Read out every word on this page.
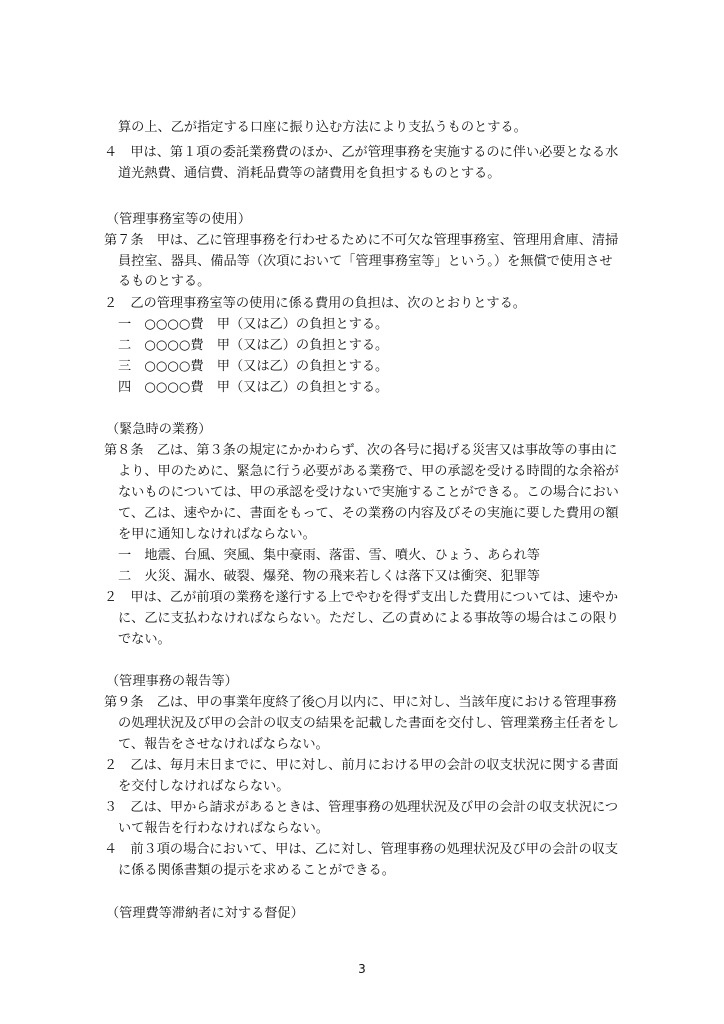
算の上、乙が指定する口座に振り込む方法により支払うものとする。
４　甲は、第１項の委託業務費のほか、乙が管理事務を実施するのに伴い必要となる水
道光熱費、通信費、消耗品費等の諸費用を負担するものとする。
（管理事務室等の使用）
第７条　甲は、乙に管理事務を行わせるために不可欠な管理事務室、管理用倉庫、清掃
員控室、器具、備品等（次項において「管理事務室等」という。）を無償で使用させ
るものとする。
２　乙の管理事務室等の使用に係る費用の負担は、次のとおりとする。
一　○○○○費　甲（又は乙）の負担とする。
二　○○○○費　甲（又は乙）の負担とする。
三　○○○○費　甲（又は乙）の負担とする。
四　○○○○費　甲（又は乙）の負担とする。
（緊急時の業務）
第８条　乙は、第３条の規定にかかわらず、次の各号に掲げる災害又は事故等の事由に
より、甲のために、緊急に行う必要がある業務で、甲の承認を受ける時間的な余裕が
ないものについては、甲の承認を受けないで実施することができる。この場合におい
て、乙は、速やかに、書面をもって、その業務の内容及びその実施に要した費用の額
を甲に通知しなければならない。
一　地震、台風、突風、集中豪雨、落雷、雪、噴火、ひょう、あられ等
二　火災、漏水、破裂、爆発、物の飛来若しくは落下又は衝突、犯罪等
２　甲は、乙が前項の業務を遂行する上でやむを得ず支出した費用については、速やか
に、乙に支払わなければならない。ただし、乙の責めによる事故等の場合はこの限り
でない。
（管理事務の報告等）
第９条　乙は、甲の事業年度終了後○月以内に、甲に対し、当該年度における管理事務
の処理状況及び甲の会計の収支の結果を記載した書面を交付し、管理業務主任者をし
て、報告をさせなければならない。
２　乙は、毎月末日までに、甲に対し、前月における甲の会計の収支状況に関する書面
を交付しなければならない。
３　乙は、甲から請求があるときは、管理事務の処理状況及び甲の会計の収支状況につ
いて報告を行わなければならない。
４　前３項の場合において、甲は、乙に対し、管理事務の処理状況及び甲の会計の収支
に係る関係書類の提示を求めることができる。
（管理費等滞納者に対する督促）
3
